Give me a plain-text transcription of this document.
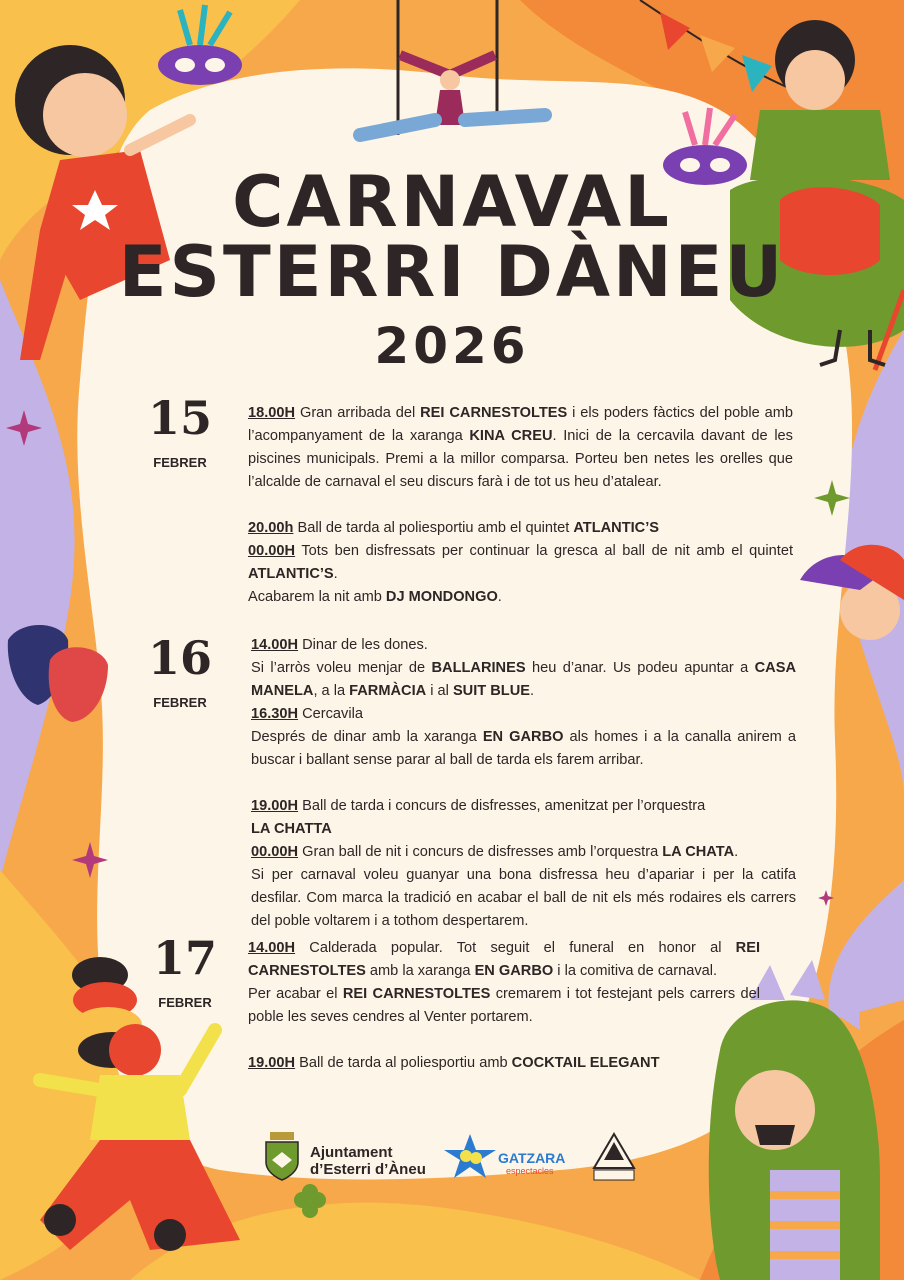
CARNAVAL
ESTERRI DÀNEU
2026
15
FEBRER
16
FEBRER
17
FEBRER

18.00H Gran arribada del REI CARNESTOLTES i els poders fàctics del poble amb l’acompanyament de la xaranga KINA CREU. Inici de la cercavila davant de les piscines municipals. Premi a la millor comparsa. Porteu ben netes les orelles que l’alcalde de carnaval el seu discurs farà i de tot us heu d’atalear.

20.00h Ball de tarda al poliesportiu amb el quintet ATLANTIC’S

00.00H Tots ben disfressats per continuar la gresca al ball de nit amb el quintet ATLANTIC’S.

Acabarem la nit amb DJ MONDONGO.

14.00H Dinar de les dones.

Si l’arròs voleu menjar de BALLARINES heu d’anar. Us podeu apuntar a CASA MANELA, a la FARMÀCIA i al SUIT BLUE.

16.30H Cercavila

Després de dinar amb la xaranga EN GARBO als homes i a la canalla anirem a buscar i ballant sense parar al ball de tarda els farem arribar.

19.00H Ball de tarda i concurs de disfresses, amenitzat per l’orquestra

LA CHATTA

00.00H Gran ball de nit i concurs de disfresses amb l’orquestra LA CHATA.

Si per carnaval voleu guanyar una bona disfressa heu d’apariar i per la catifa desfilar. Com marca la tradició en acabar el ball de nit els més rodaires els carrers del poble voltarem i a tothom despertarem.

14.00H Calderada popular. Tot seguit el funeral en honor al REI CARNESTOLTES amb la xaranga EN GARBO i la comitiva de carnaval.

Per acabar el REI CARNESTOLTES cremarem i tot festejant pels carrers del poble les seves cendres al Venter portarem.

19.00H Ball de tarda al poliesportiu amb COCKTAIL ELEGANT

Ajuntament
d’Esterri d’Àneu
GATZARA
espectacles
